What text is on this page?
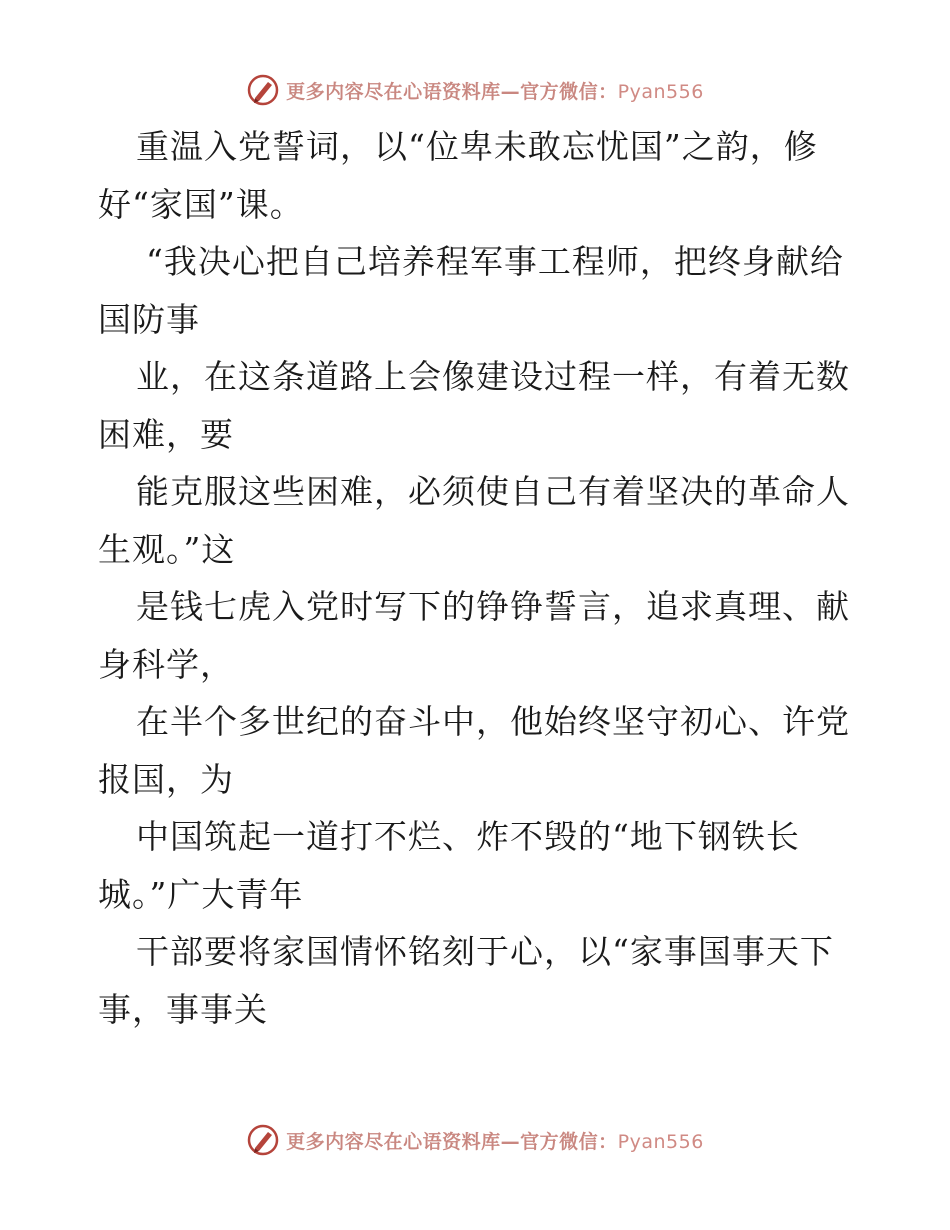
更多内容尽在心语资料库—官方微信：Pyan556
重温入党誓词，以“位卑未敢忘忧国”之韵，修
好“家国”课。
“我决心把自己培养程军事工程师，把终身献给
国防事
业，在这条道路上会像建设过程一样，有着无数
困难，要
能克服这些困难，必须使自己有着坚决的革命人
生观。”这
是钱七虎入党时写下的铮铮誓言，追求真理、献
身科学，
在半个多世纪的奋斗中，他始终坚守初心、许党
报国，为
中国筑起一道打不烂、炸不毁的“地下钢铁长
城。”广大青年
干部要将家国情怀铭刻于心，以“家事国事天下
事，事事关
更多内容尽在心语资料库—官方微信：Pyan556
